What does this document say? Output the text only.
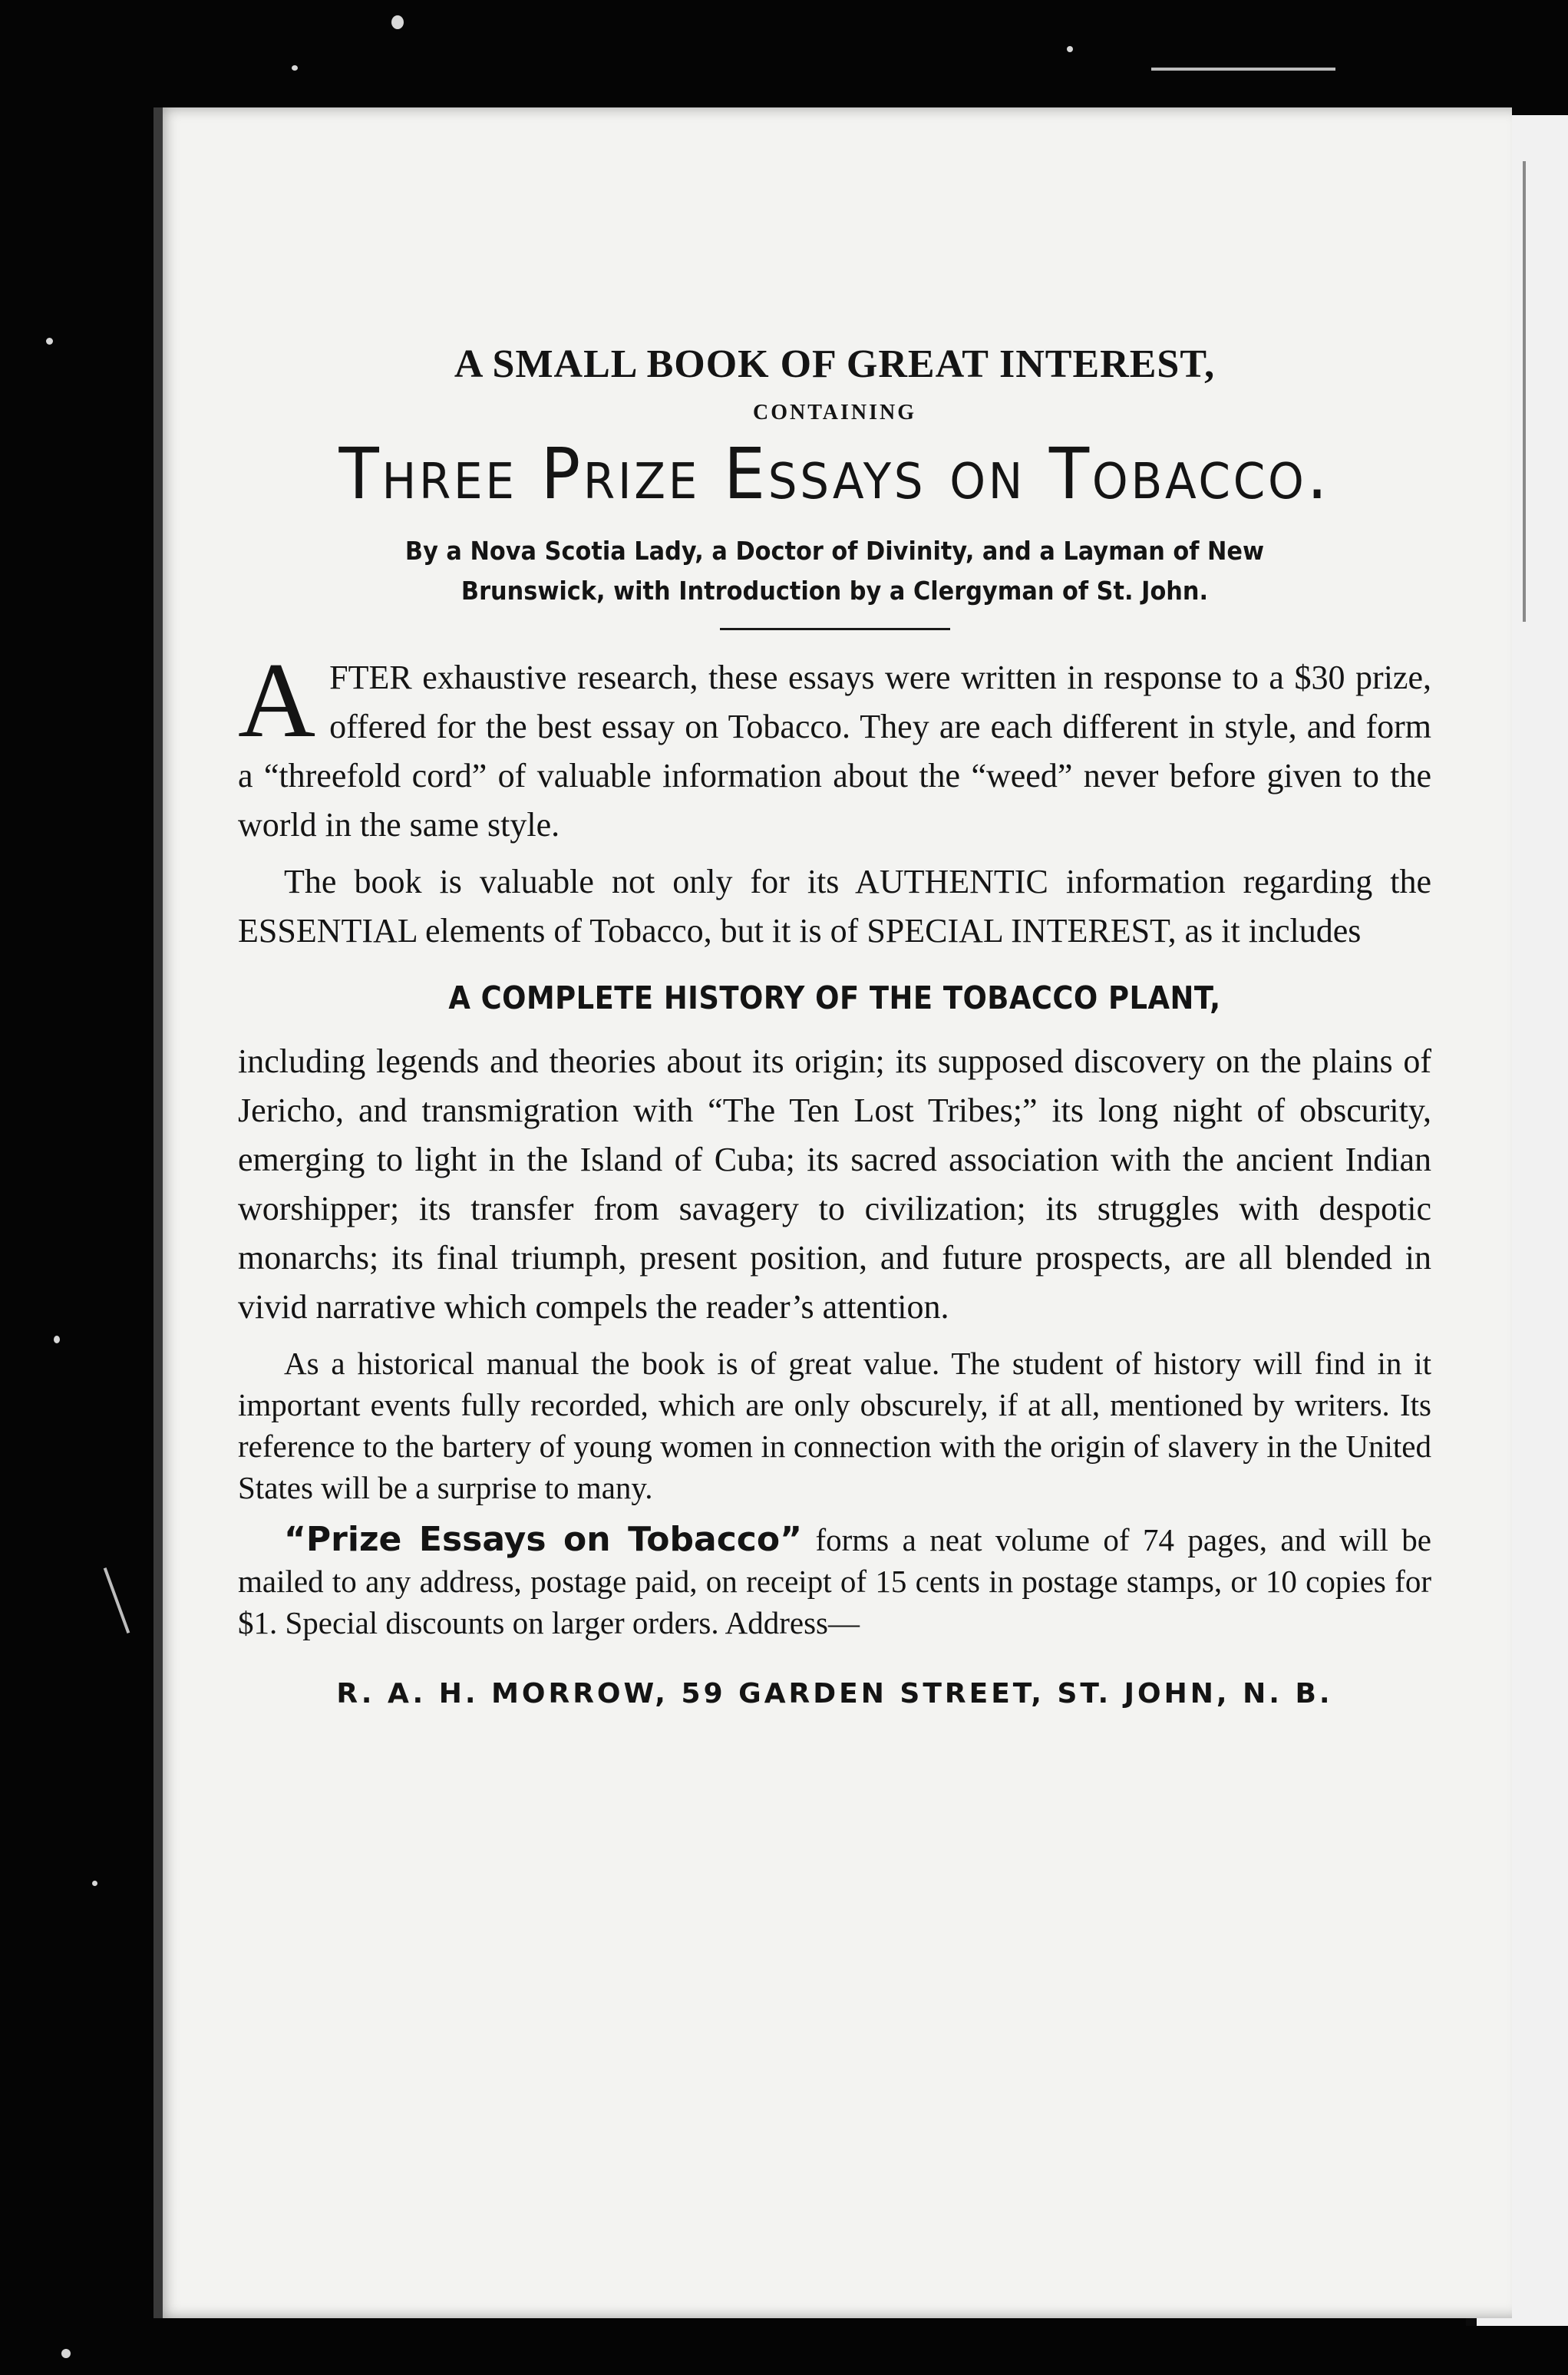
A SMALL BOOK OF GREAT INTEREST,
CONTAINING
Three Prize Essays on Tobacco.
By a Nova Scotia Lady, a Doctor of Divinity, and a Layman of New Brunswick, with Introduction by a Clergyman of St. John.

AFTER exhaustive research, these essays were written in response to a $30 prize, offered for the best essay on Tobacco. They are each different in style, and form a “threefold cord” of valuable information about the “weed” never before given to the world in the same style.

The book is valuable not only for its AUTHENTIC information regarding the ESSENTIAL elements of Tobacco, but it is of SPECIAL INTEREST, as it includes

A COMPLETE HISTORY OF THE TOBACCO PLANT,

including legends and theories about its origin; its supposed discovery on the plains of Jericho, and transmigration with “The Ten Lost Tribes;” its long night of obscurity, emerging to light in the Island of Cuba; its sacred association with the ancient Indian worshipper; its transfer from savagery to civilization; its struggles with despotic monarchs; its final triumph, present position, and future prospects, are all blended in vivid narrative which compels the reader’s attention.

As a historical manual the book is of great value. The student of history will find in it important events fully recorded, which are only obscurely, if at all, mentioned by writers. Its reference to the bartery of young women in connection with the origin of slavery in the United States will be a surprise to many.

“Prize Essays on Tobacco” forms a neat volume of 74 pages, and will be mailed to any address, postage paid, on receipt of 15 cents in postage stamps, or 10 copies for $1. Special discounts on larger orders. Address—

R. A. H. MORROW, 59 GARDEN STREET, ST. JOHN, N. B.
